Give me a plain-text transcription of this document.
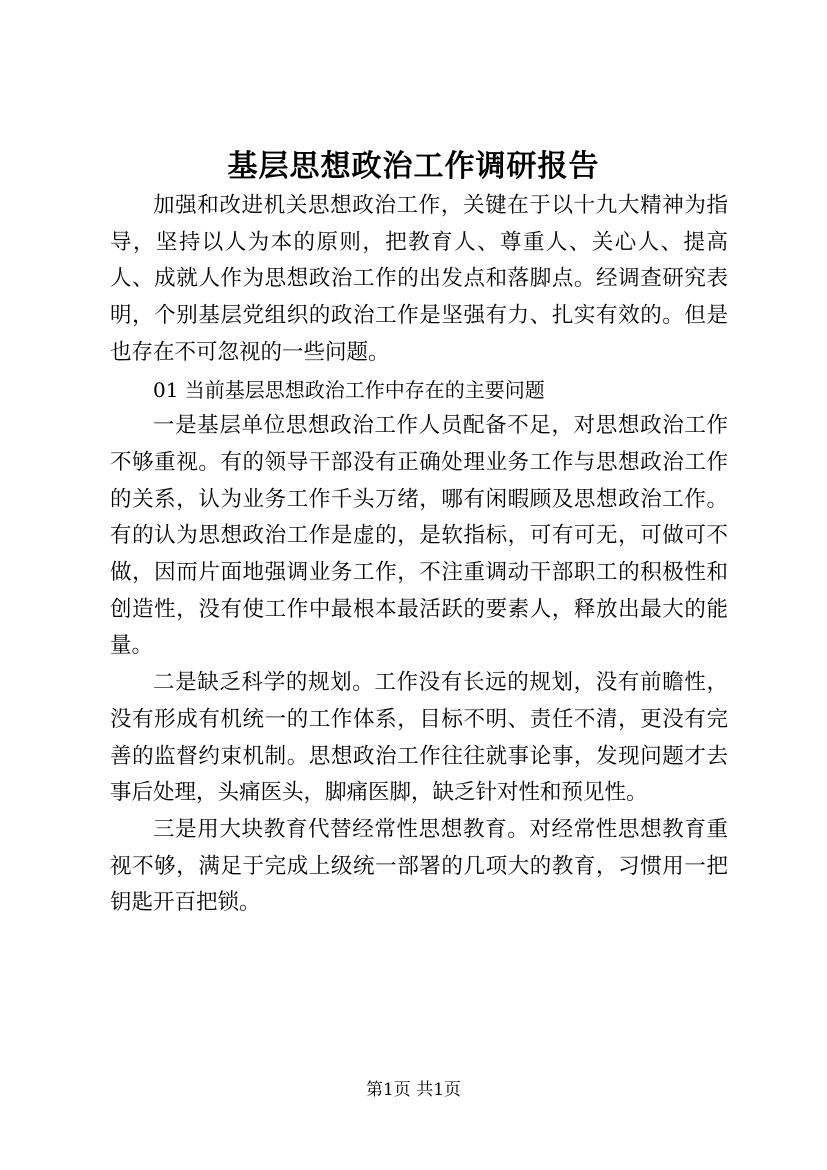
基层思想政治工作调研报告

加强和改进机关思想政治工作，关键在于以十九大精神为指导，坚持以人为本的原则，把教育人、尊重人、关心人、提高人、成就人作为思想政治工作的出发点和落脚点。经调查研究表明，个别基层党组织的政治工作是坚强有力、扎实有效的。但是也存在不可忽视的一些问题。

01 当前基层思想政治工作中存在的主要问题

一是基层单位思想政治工作人员配备不足，对思想政治工作不够重视。有的领导干部没有正确处理业务工作与思想政治工作的关系，认为业务工作千头万绪，哪有闲暇顾及思想政治工作。有的认为思想政治工作是虚的，是软指标，可有可无，可做可不做，因而片面地强调业务工作，不注重调动干部职工的积极性和创造性，没有使工作中最根本最活跃的要素人，释放出最大的能量。

二是缺乏科学的规划。工作没有长远的规划，没有前瞻性，没有形成有机统一的工作体系，目标不明、责任不清，更没有完善的监督约束机制。思想政治工作往往就事论事，发现问题才去事后处理，头痛医头，脚痛医脚，缺乏针对性和预见性。

三是用大块教育代替经常性思想教育。对经常性思想教育重视不够，满足于完成上级统一部署的几项大的教育，习惯用一把钥匙开百把锁。

第1页 共1页
